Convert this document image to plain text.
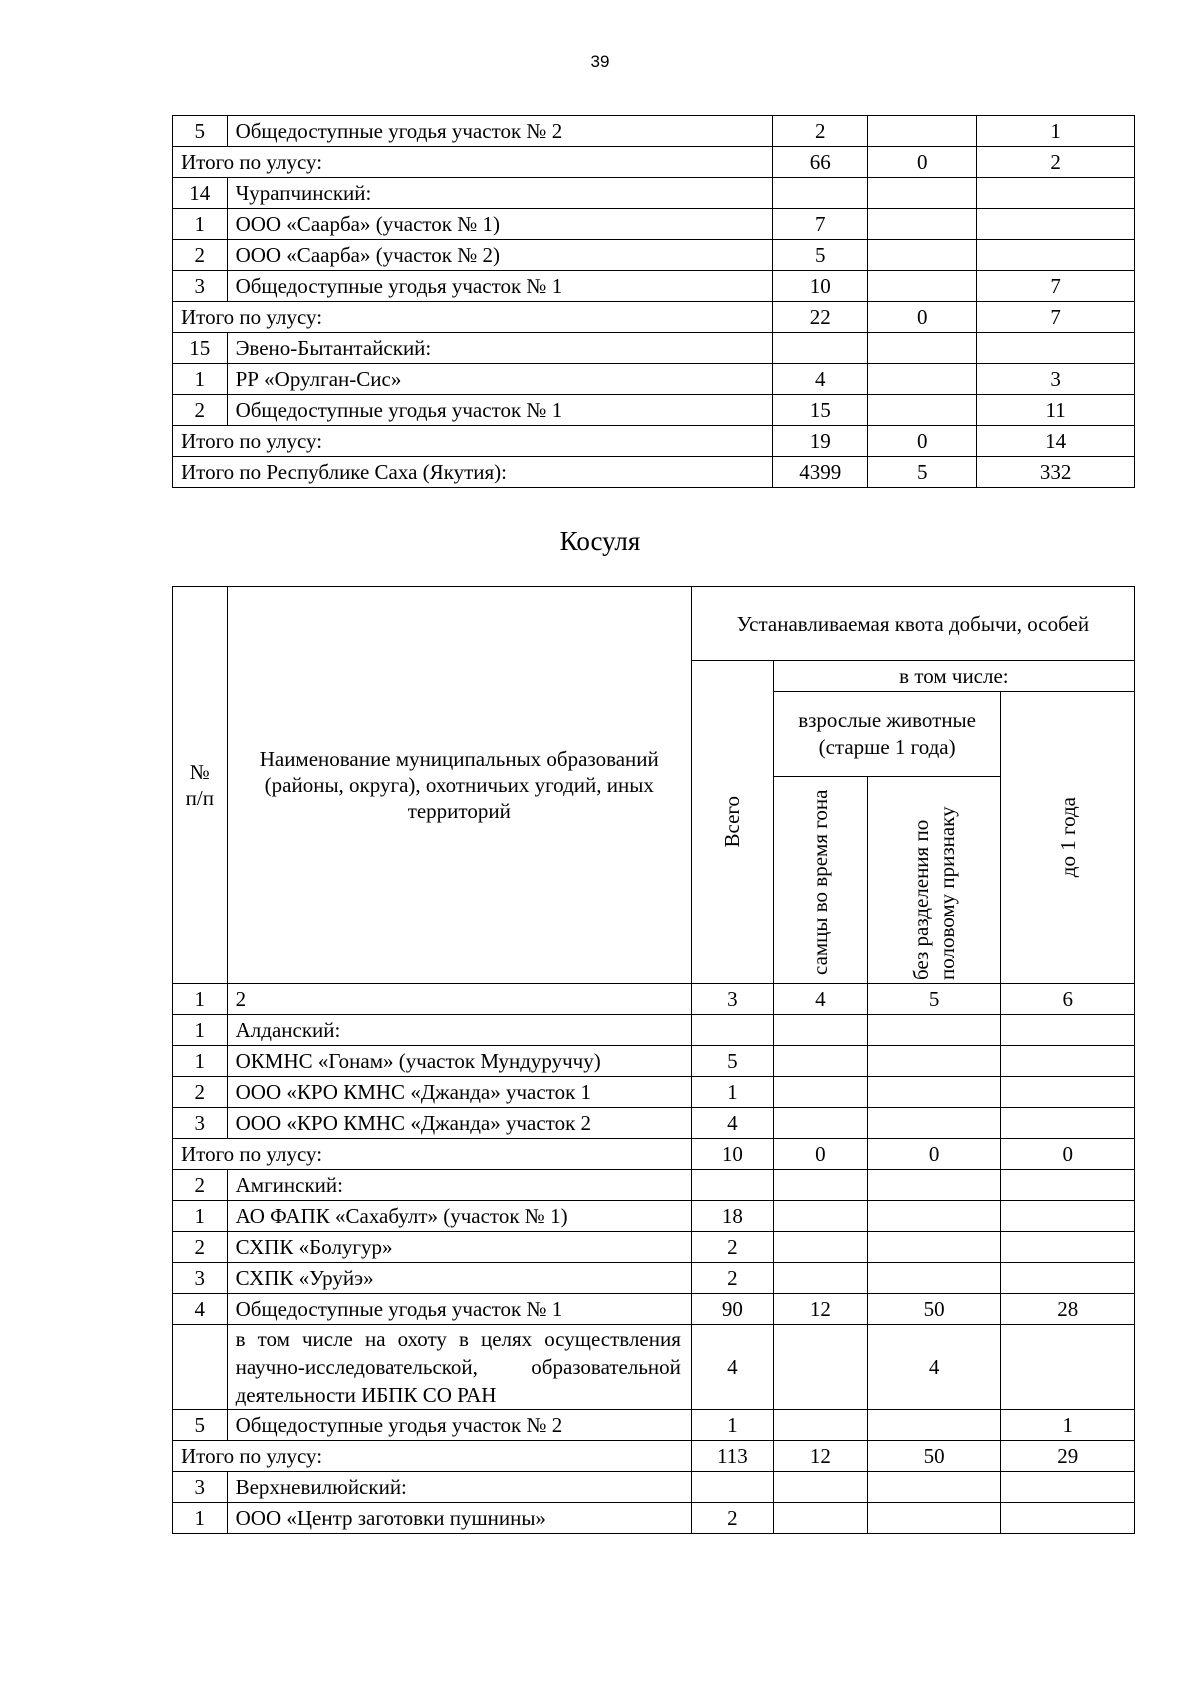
39
5	Общедоступные угодья участок № 2	2		1
Итого по улусу:		66	0	2
14	Чурапчинский:			
1	ООО «Саарба» (участок № 1)	7		
2	ООО «Саарба» (участок № 2)	5		
3	Общедоступные угодья участок № 1	10		7
Итого по улусу:		22	0	7
15	Эвено-Бытантайский:			
1	РР «Орулган-Сис»	4		3
2	Общедоступные угодья участок № 1	15		11
Итого по улусу:		19	0	14
Итого по Республике Саха (Якутия):		4399	5	332
Косуля
№ п/п	Наименование муниципальных образований (районы, округа), охотничьих угодий, иных территорий	Устанавливаемая квота добычи, особей			

		Всего	в том числе:		
			взрослые животные (старше 1 года)		до 1 года

			самцы во время гона	без разделения по половому признаку	

1	2	3	4	5	6
1	Алданский:				
1	ОКМНС «Гонам» (участок Мундуруччу)	5			
2	ООО «КРО КМНС «Джанда» участок 1	1			
3	ООО «КРО КМНС «Джанда» участок 2	4			
Итого по улусу:		10	0	0	0
2	Амгинский:				
1	АО ФАПК «Сахабулт» (участок № 1)	18			
2	СХПК «Болугур»	2			
3	СХПК «Уруйэ»	2			
4	Общедоступные угодья участок № 1	90	12	50	28
	в том числе на охоту в целях осуществления научно-исследовательской, образовательной деятельности ИБПК СО РАН	4		4	
5	Общедоступные угодья участок № 2	1			1
Итого по улусу:		113	12	50	29
3	Верхневилюйский:				
1	ООО «Центр заготовки пушнины»	2			
